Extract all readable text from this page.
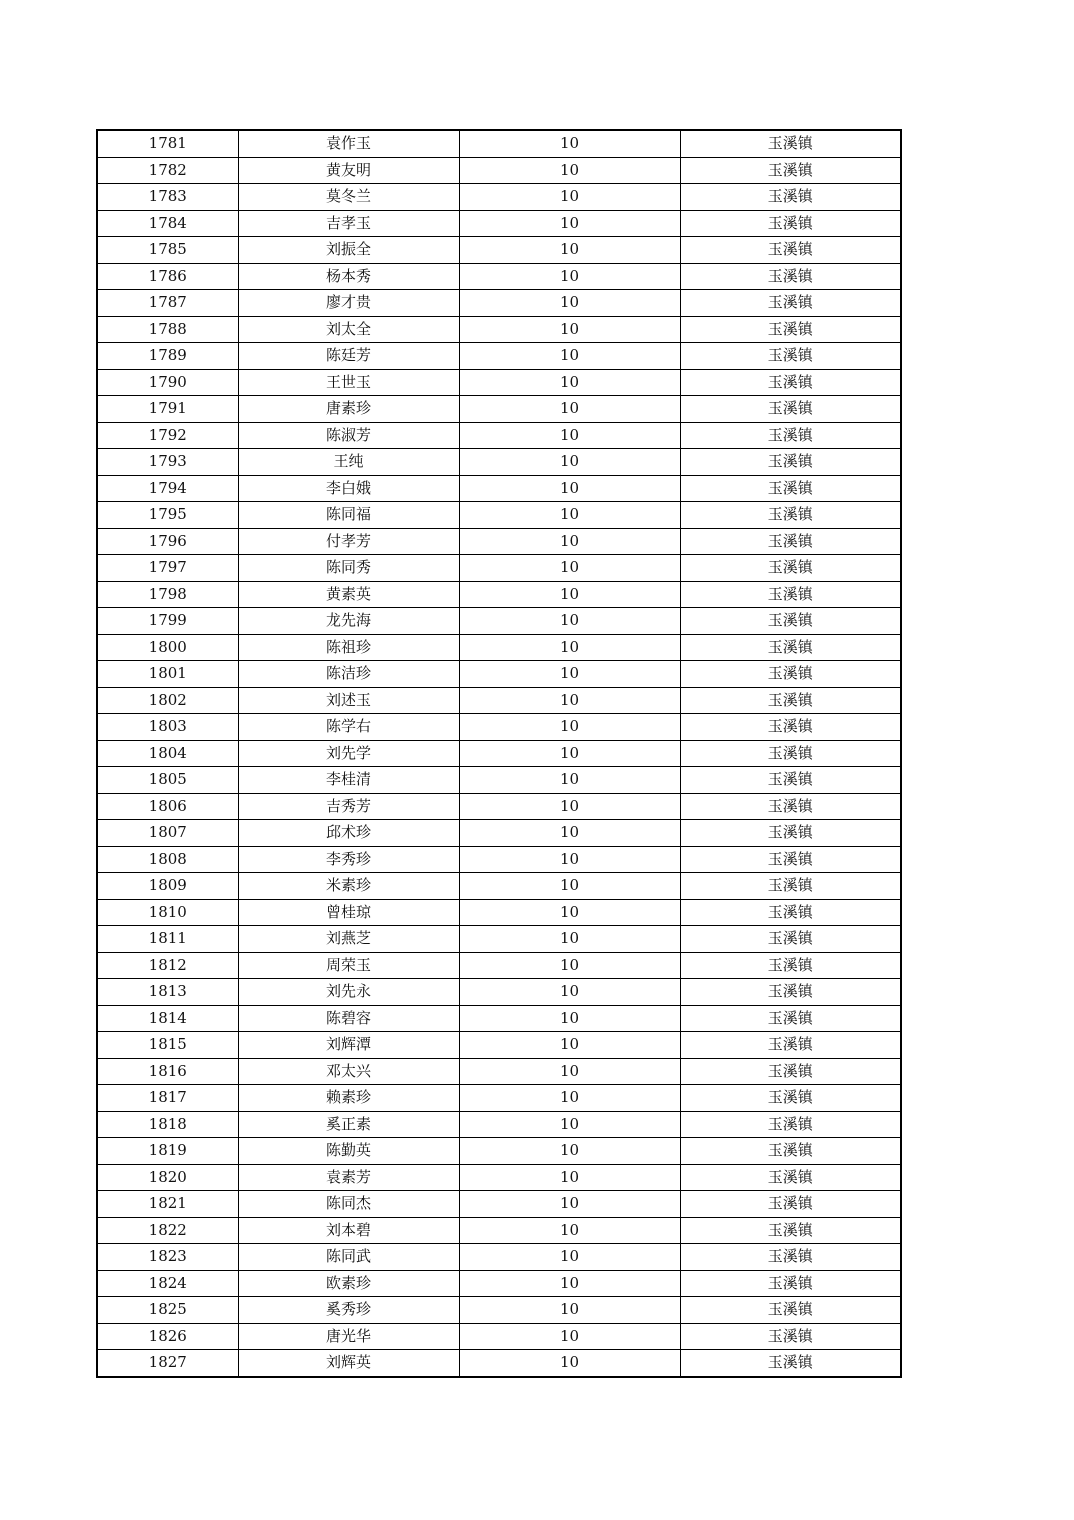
1781	袁作玉	10	玉溪镇
1782	黄友明	10	玉溪镇
1783	莫冬兰	10	玉溪镇
1784	吉孝玉	10	玉溪镇
1785	刘振全	10	玉溪镇
1786	杨本秀	10	玉溪镇
1787	廖才贵	10	玉溪镇
1788	刘太全	10	玉溪镇
1789	陈廷芳	10	玉溪镇
1790	王世玉	10	玉溪镇
1791	唐素珍	10	玉溪镇
1792	陈淑芳	10	玉溪镇
1793	王纯	10	玉溪镇
1794	李白娥	10	玉溪镇
1795	陈同福	10	玉溪镇
1796	付孝芳	10	玉溪镇
1797	陈同秀	10	玉溪镇
1798	黄素英	10	玉溪镇
1799	龙先海	10	玉溪镇
1800	陈祖珍	10	玉溪镇
1801	陈洁珍	10	玉溪镇
1802	刘述玉	10	玉溪镇
1803	陈学右	10	玉溪镇
1804	刘先学	10	玉溪镇
1805	李桂清	10	玉溪镇
1806	吉秀芳	10	玉溪镇
1807	邱术珍	10	玉溪镇
1808	李秀珍	10	玉溪镇
1809	米素珍	10	玉溪镇
1810	曾桂琼	10	玉溪镇
1811	刘燕芝	10	玉溪镇
1812	周荣玉	10	玉溪镇
1813	刘先永	10	玉溪镇
1814	陈碧容	10	玉溪镇
1815	刘辉潭	10	玉溪镇
1816	邓太兴	10	玉溪镇
1817	赖素珍	10	玉溪镇
1818	奚正素	10	玉溪镇
1819	陈勤英	10	玉溪镇
1820	袁素芳	10	玉溪镇
1821	陈同杰	10	玉溪镇
1822	刘本碧	10	玉溪镇
1823	陈同武	10	玉溪镇
1824	欧素珍	10	玉溪镇
1825	奚秀珍	10	玉溪镇
1826	唐光华	10	玉溪镇
1827	刘辉英	10	玉溪镇
